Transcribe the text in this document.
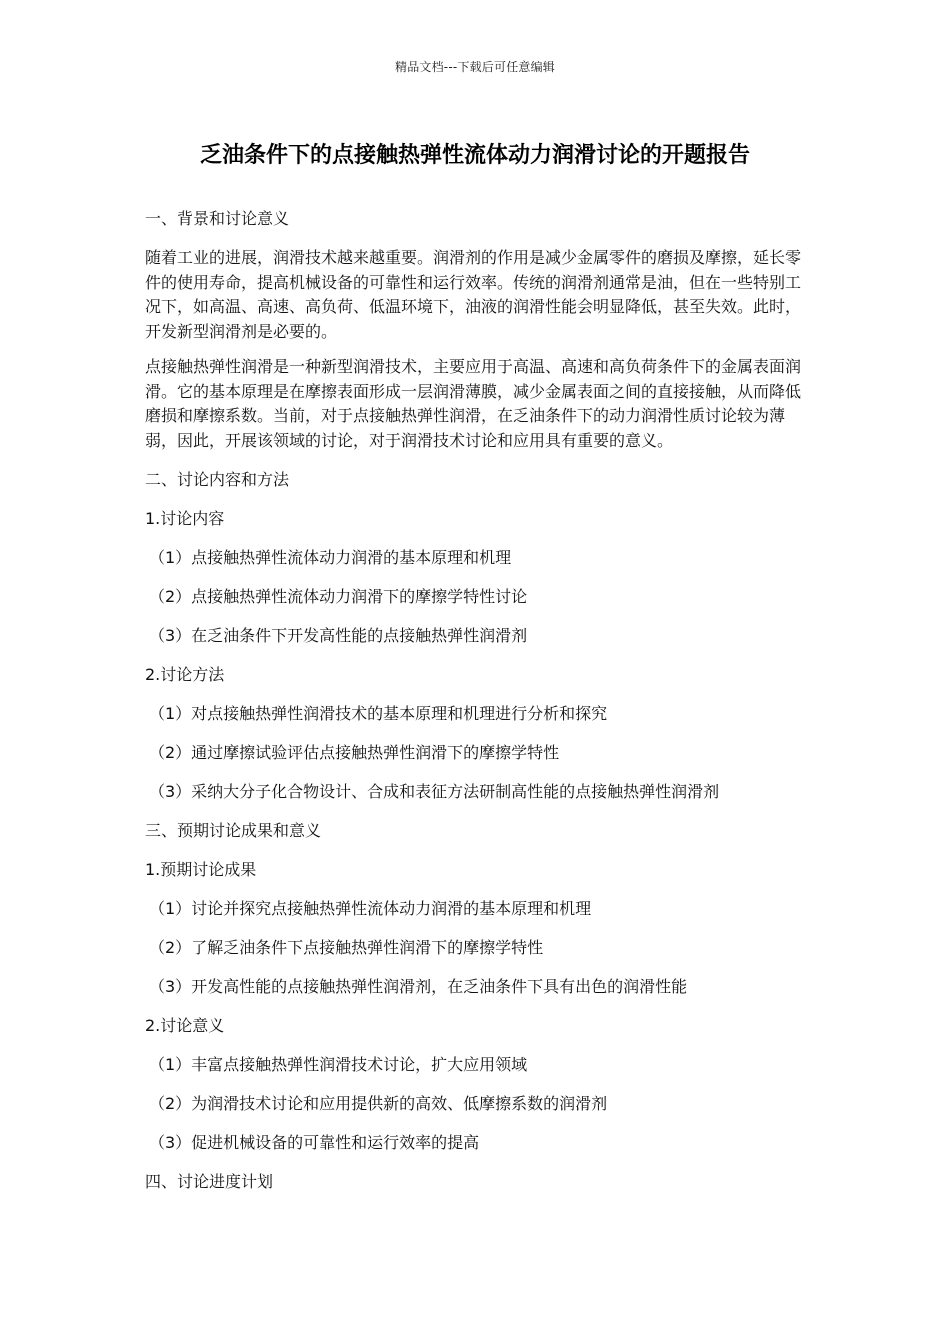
精品文档---下载后可任意编辑
乏油条件下的点接触热弹性流体动力润滑讨论的开题报告

一、背景和讨论意义

随着工业的进展，润滑技术越来越重要。润滑剂的作用是减少金属零件的磨损及摩擦，延长零件的使用寿命，提高机械设备的可靠性和运行效率。传统的润滑剂通常是油，但在一些特别工况下，如高温、高速、高负荷、低温环境下，油液的润滑性能会明显降低，甚至失效。此时，开发新型润滑剂是必要的。

点接触热弹性润滑是一种新型润滑技术，主要应用于高温、高速和高负荷条件下的金属表面润滑。它的基本原理是在摩擦表面形成一层润滑薄膜，减少金属表面之间的直接接触，从而降低磨损和摩擦系数。当前，对于点接触热弹性润滑，在乏油条件下的动力润滑性质讨论较为薄弱，因此，开展该领域的讨论，对于润滑技术讨论和应用具有重要的意义。

二、讨论内容和方法

1.讨论内容

（1）点接触热弹性流体动力润滑的基本原理和机理

（2）点接触热弹性流体动力润滑下的摩擦学特性讨论

（3）在乏油条件下开发高性能的点接触热弹性润滑剂

2.讨论方法

（1）对点接触热弹性润滑技术的基本原理和机理进行分析和探究

（2）通过摩擦试验评估点接触热弹性润滑下的摩擦学特性

（3）采纳大分子化合物设计、合成和表征方法研制高性能的点接触热弹性润滑剂

三、预期讨论成果和意义

1.预期讨论成果

（1）讨论并探究点接触热弹性流体动力润滑的基本原理和机理

（2）了解乏油条件下点接触热弹性润滑下的摩擦学特性

（3）开发高性能的点接触热弹性润滑剂，在乏油条件下具有出色的润滑性能

2.讨论意义

（1）丰富点接触热弹性润滑技术讨论，扩大应用领域

（2）为润滑技术讨论和应用提供新的高效、低摩擦系数的润滑剂

（3）促进机械设备的可靠性和运行效率的提高

四、讨论进度计划
